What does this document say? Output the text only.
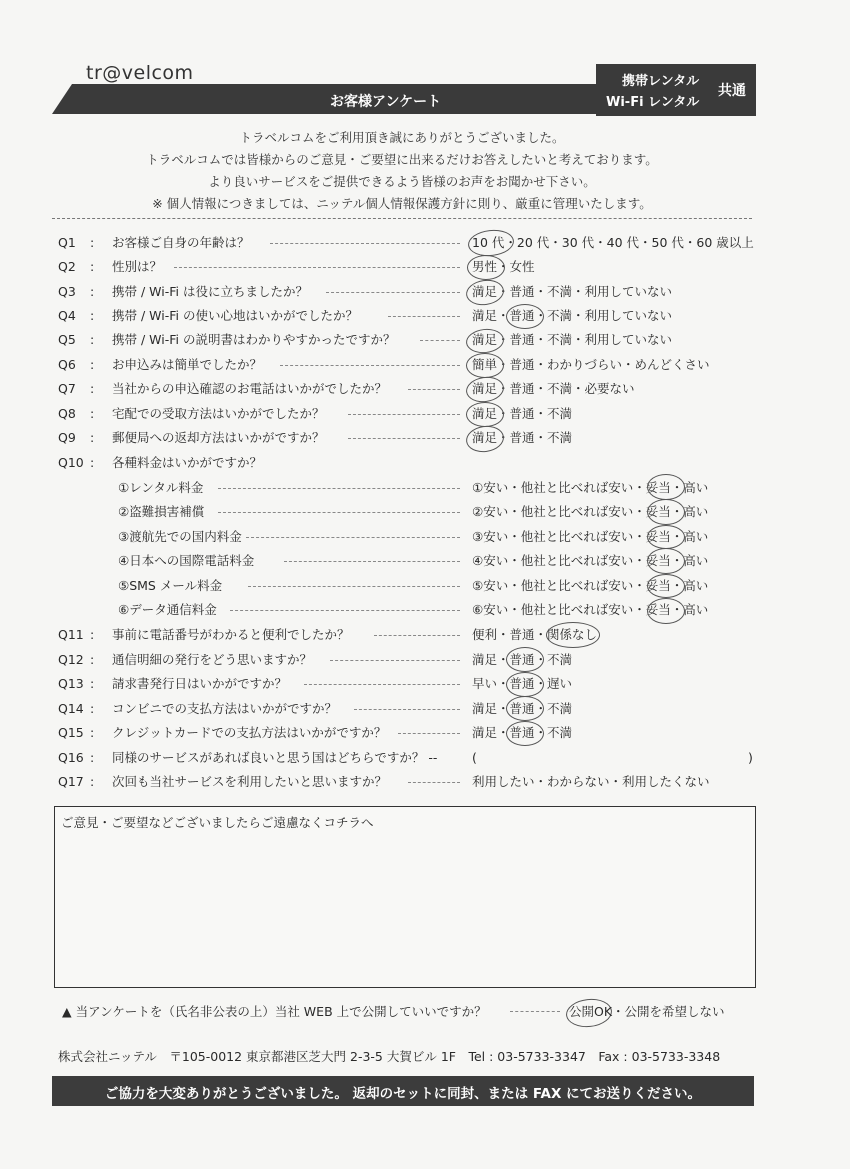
tr@velcom
お客様アンケート
携帯レンタル
Wi-Fi レンタル
共通
トラベルコムをご利用頂き誠にありがとうございました。
トラベルコムでは皆様からのご意見・ご要望に出来るだけお答えしたいと考えております。
より良いサービスをご提供できるよう皆様のお声をお聞かせ下さい。
※ 個人情報につきましては、ニッテル個人情報保護方針に則り、厳重に管理いたします。
Q1 : お客様ご自身の年齢は？	10 代・20 代・30 代・40 代・50 代・60 歳以上
Q2 : 性別は？	男性・女性
Q3 : 携帯 / Wi-Fi は役に立ちましたか？	満足・普通・不満・利用していない
Q4 : 携帯 / Wi-Fi の使い心地はいかがでしたか？	満足・普通・不満・利用していない
Q5 : 携帯 / Wi-Fi の説明書はわかりやすかったですか？	満足・普通・不満・利用していない
Q6 : お申込みは簡単でしたか？	簡単・普通・わかりづらい・めんどくさい
Q7 : 当社からの申込確認のお電話はいかがでしたか？	満足・普通・不満・必要ない
Q8 : 宅配での受取方法はいかがでしたか？	満足・普通・不満
Q9 : 郵便局への返却方法はいかがですか？	満足・普通・不満
Q10 : 各種料金はいかがですか？
①レンタル料金	①安い・他社と比べれば安い・妥当・高い
②盗難損害補償	②安い・他社と比べれば安い・妥当・高い
③渡航先での国内料金	③安い・他社と比べれば安い・妥当・高い
④日本への国際電話料金	④安い・他社と比べれば安い・妥当・高い
⑤SMS メール料金	⑤安い・他社と比べれば安い・妥当・高い
⑥データ通信料金	⑥安い・他社と比べれば安い・妥当・高い
Q11 : 事前に電話番号がわかると便利でしたか？	便利・普通・関係なし
Q12 : 通信明細の発行をどう思いますか？	満足・普通・不満
Q13 : 請求書発行日はいかがですか？	早い・普通・遅い
Q14 : コンビニでの支払方法はいかがですか？	満足・普通・不満
Q15 : クレジットカードでの支払方法はいかがですか？	満足・普通・不満
Q16 : 同様のサービスがあれば良いと思う国はどちらですか？ --	(	)
Q17 : 次回も当社サービスを利用したいと思いますか？	利用したい・わからない・利用したくない
ご意見・ご要望などございましたらご遠慮なくコチラへ
▲ 当アンケートを（氏名非公表の上）当社 WEB 上で公開していいですか？	公開OK・公開を希望しない
株式会社ニッテル　〒105-0012 東京都港区芝大門 2-3-5 大賀ビル 1F　Tel : 03-5733-3347　Fax : 03-5733-3348
ご協力を大変ありがとうございました。 返却のセットに同封、または FAX にてお送りください。
